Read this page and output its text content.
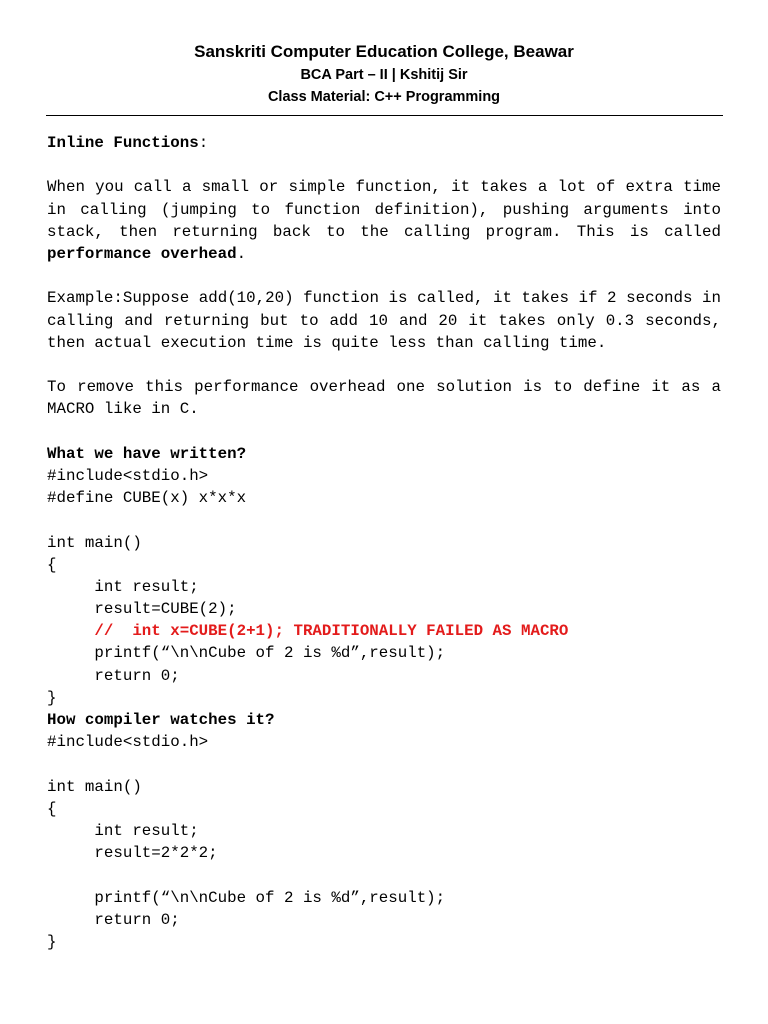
Sanskriti Computer Education College, Beawar
BCA Part – II | Kshitij Sir
Class Material: C++ Programming

Inline Functions:

When you call a small or simple function, it takes a lot of extra time in calling (jumping to function definition), pushing arguments into stack, then returning back to the calling program. This is called performance overhead.

Example:Suppose add(10,20) function is called, it takes if 2 seconds in calling and returning but to add 10 and 20 it takes only 0.3 seconds, then actual execution time is quite less than calling time.

To remove this performance overhead one solution is to define it as a MACRO like in C.

What we have written?
#include<stdio.h>
#define CUBE(x) x*x*x
int main()
{
int result;
result=CUBE(2);
//  int x=CUBE(2+1); TRADITIONALLY FAILED AS MACRO
printf(“\n\nCube of 2 is %d”,result);
return 0;
}
How compiler watches it?
#include<stdio.h>
int main()
{
int result;
result=2*2*2;
printf(“\n\nCube of 2 is %d”,result);
return 0;
}
